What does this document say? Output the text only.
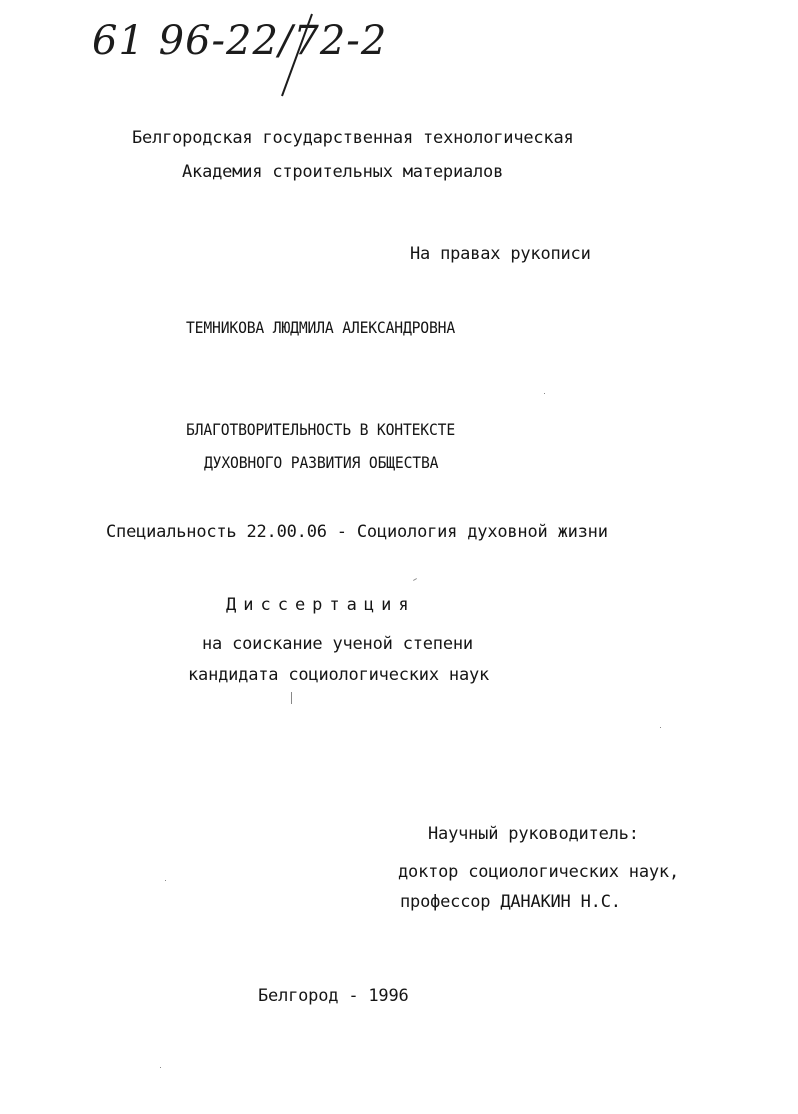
61 96-22/72-2
Белгородская государственная технологическая
Академия строительных материалов
На правах рукописи
ТЕМНИКОВА ЛЮДМИЛА АЛЕКСАНДРОВНА
БЛАГОТВОРИТЕЛЬНОСТЬ В КОНТЕКСТЕ
ДУХОВНОГО РАЗВИТИЯ ОБЩЕСТВА
Специальность 22.00.06 - Социология духовной жизни
Диссертация
на соискание ученой степени
кандидата социологических наук
Научный руководитель:
доктор социологических наук,
профессор ДАНАКИН Н.С.
Белгород - 1996
